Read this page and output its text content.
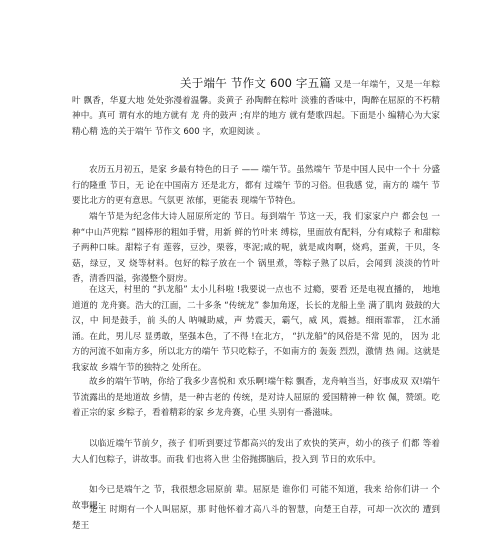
关于端午 节作文 600 字五篇 又是一年端午，又是一年粽叶 飘香，华夏大地 处处弥漫着温馨。炎黄子 孙陶醉在粽叶 淡雅的香味中，陶醉在屈原的不朽精神中。真可 谓有水的地方就有 龙 舟的鼓声 ;有岸的地方 就有楚歌四起。下面是小 编精心为大家精心精 选的关于端午 节作文 600 字，欢迎阅读 。

农历五月初五，是家 乡最有特色的日子 —— 端午节。虽然端午 节是中国人民中一个十 分盛行的隆重 节日，无 论在中国南方 还是北方，都有 过端午 节的习俗。但我感 觉，南方的 端午 节要比北方的更有意思。气氛更 浓郁，更能表 现端午节特色。

端午节是为纪念伟大诗人屈原所定的 节日。每到端午 节这一天，我 们家家户户 都会包 一种“中山芦兜粽 ”圆棒形的粗如手臂，用新 鲜的竹叶来 缚棕，里面放有配料，分有咸粽子 和甜粽子两种口味。甜粽子有 莲蓉，豆沙，栗蓉，枣泥;咸的呢，就是咸肉啊，烧鸡，蛋黄，干贝，冬菇，绿豆，叉 烧等材料。包好的粽子放在一个 锅里煮，等粽子熟了以后，会闻到 淡淡的竹叶香，清香四溢，弥漫整个厨房。

在这天，村里的 “扒龙船” 太小儿科啦 !我要说一点也不 过瘾，要看 还是电视直播的， 地地道道的 龙舟赛。浩大的江面，二十多条 “传统龙” 参加角逐，长长的龙船上坐 满了肌肉 鼓鼓的大汉，中 间是鼓手，前 头的人 呐喊助威，声 势震天，霸气，威 风，震撼。细雨霏霏， 江水涌涌。在此，男儿尽 显勇敢，坚强本色，了不得 !在北方， “扒龙船”的风俗是不常 见的， 因为 北方的河流不如南方多，所以北方的端午 节只吃粽子，不如南方的 轰轰 烈烈，激情 热 闹。这就是我家故 乡端午节的独特之 处所在。

故乡的端午节呐，你给了我多少喜悦和 欢乐啊!端午粽 飘香，龙舟响当当，好事成双 双!端午节流露出的是地道故 乡情，是一种古老的 传统，是对诗人屈原的 爱国精神一种 钦 佩，赞颂。吃着正宗的家 乡粽子，看着精彩的家 乡龙舟赛，心里 头别有一番滋味。

以临近端午节前夕，孩子 们听到要过节都高兴的发出了欢快的笑声，幼小的孩子 们都 等着大人们包粽子，讲故事。而我 们也将入世 尘俗抛掷脑后，投入到 节日的欢乐中。

如今已是端午之 节，我很想念屈原前 辈。屈原是 谁你们 可能不知道，我来 给你们讲一 个故事吧：

楚王 时期有一个人叫屈原，那 时他怀着才高八斗的智慧，向楚王自荐，可却一次次的 遭到楚王
